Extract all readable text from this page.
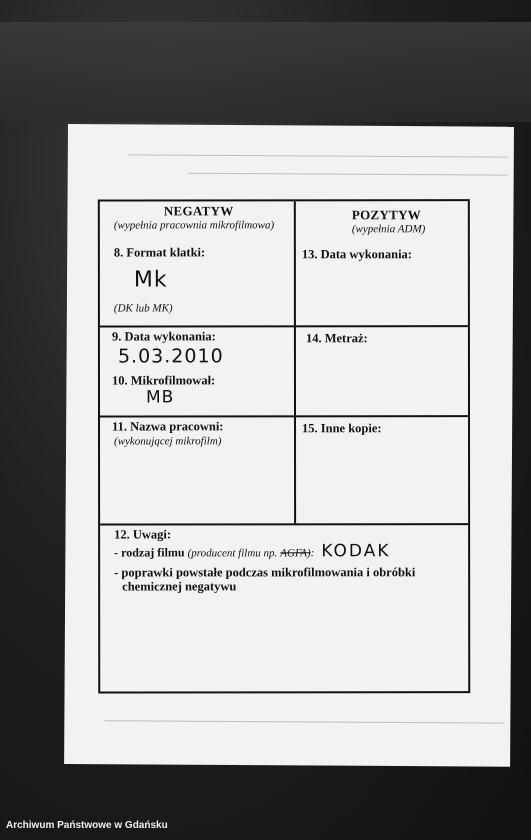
NEGATYW
(wypełnia pracownia mikrofilmowa)
8. Format klatki:
Mk
(DK lub MK)
9. Data wykonania:
5.03.2010
10. Mikrofilmował:
MB
11. Nazwa pracowni:
(wykonującej mikrofilm)
POZYTYW
(wypełnia ADM)
13. Data wykonania:
14. Metraż:
15. Inne kopie:
12. Uwagi:
- rodzaj filmu (producent filmu np. AGFA): KODAK
- poprawki powstałe podczas mikrofilmowania i obróbki
chemicznej negatywu
Archiwum Państwowe w Gdańsku
